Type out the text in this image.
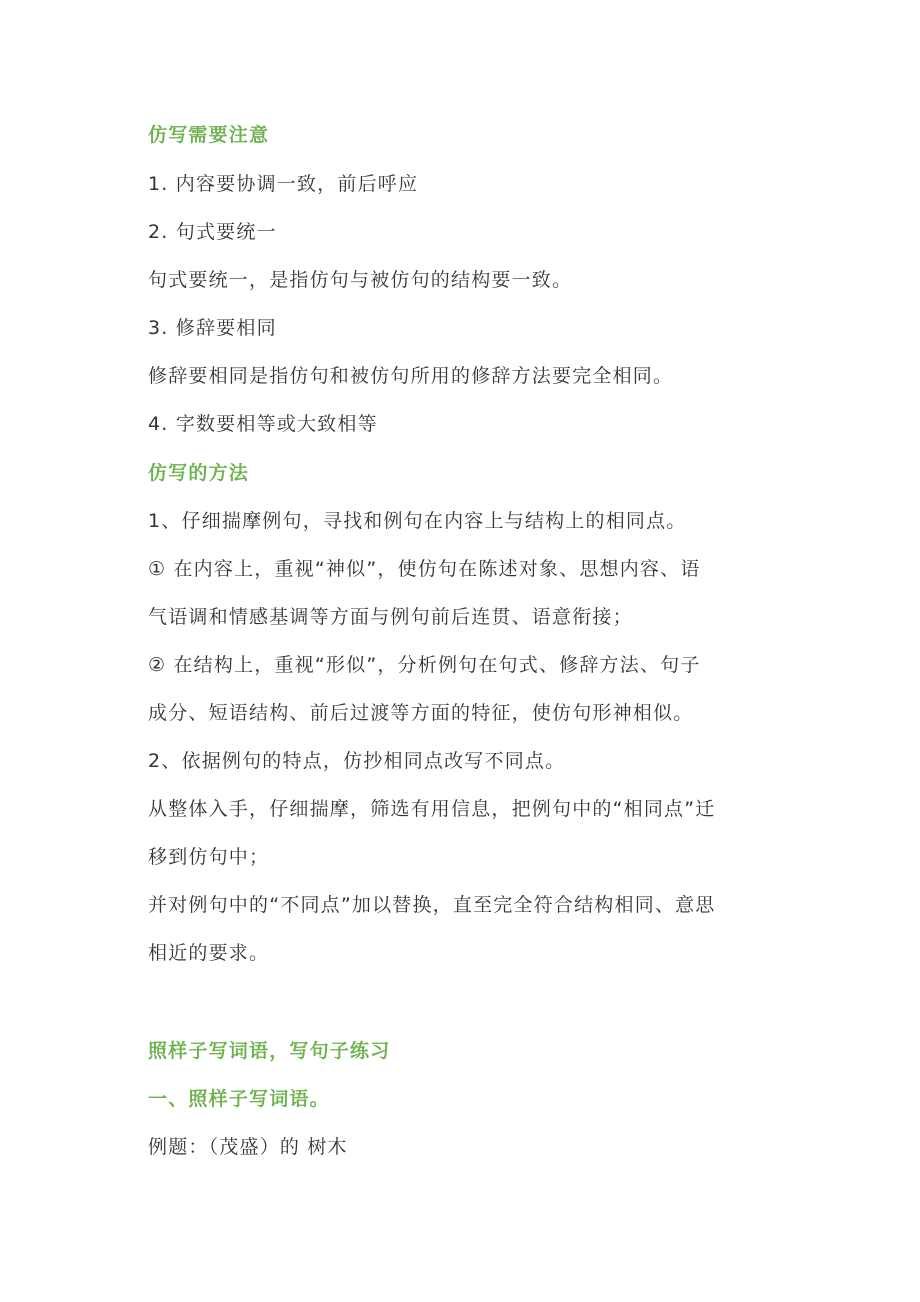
仿写需要注意
1. 内容要协调一致，前后呼应
2. 句式要统一
句式要统一，是指仿句与被仿句的结构要一致。
3. 修辞要相同
修辞要相同是指仿句和被仿句所用的修辞方法要完全相同。
4. 字数要相等或大致相等
仿写的方法
1、仔细揣摩例句，寻找和例句在内容上与结构上的相同点。
① 在内容上，重视“神似”，使仿句在陈述对象、思想内容、语
气语调和情感基调等方面与例句前后连贯、语意衔接；
② 在结构上，重视“形似”，分析例句在句式、修辞方法、句子
成分、短语结构、前后过渡等方面的特征，使仿句形神相似。
2、依据例句的特点，仿抄相同点改写不同点。
从整体入手，仔细揣摩，筛选有用信息，把例句中的“相同点”迁
移到仿句中；
并对例句中的“不同点”加以替换，直至完全符合结构相同、意思
相近的要求。
照样子写词语，写句子练习
一、照样子写词语。
例题：（茂盛）的 树木
